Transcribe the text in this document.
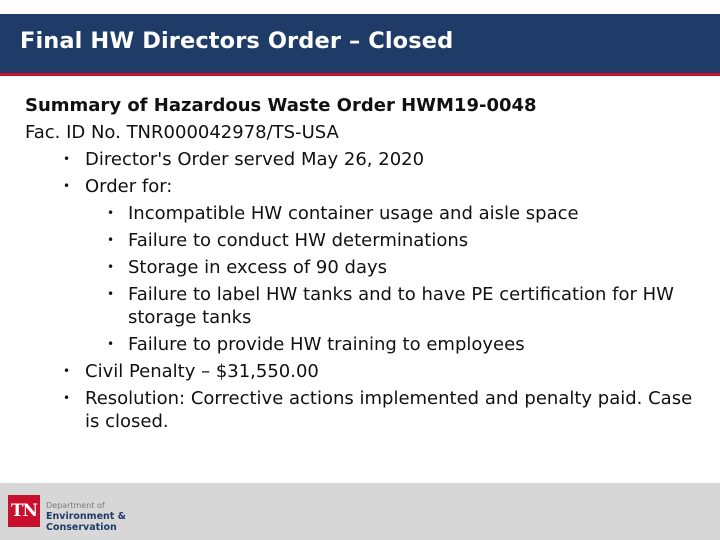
Final HW Directors Order – Closed
Summary of Hazardous Waste Order HWM19-0048
Fac. ID No. TNR000042978/TS-USA
• Director's Order served May 26, 2020
• Order for:
• Incompatible HW container usage and aisle space
• Failure to conduct HW determinations
• Storage in excess of 90 days
• Failure to label HW tanks and to have PE certification for HW storage tanks
• Failure to provide HW training to employees
• Civil Penalty – $31,550.00
• Resolution: Corrective actions implemented and penalty paid. Case is closed.
TN	Department of
Environment &
Conservation
